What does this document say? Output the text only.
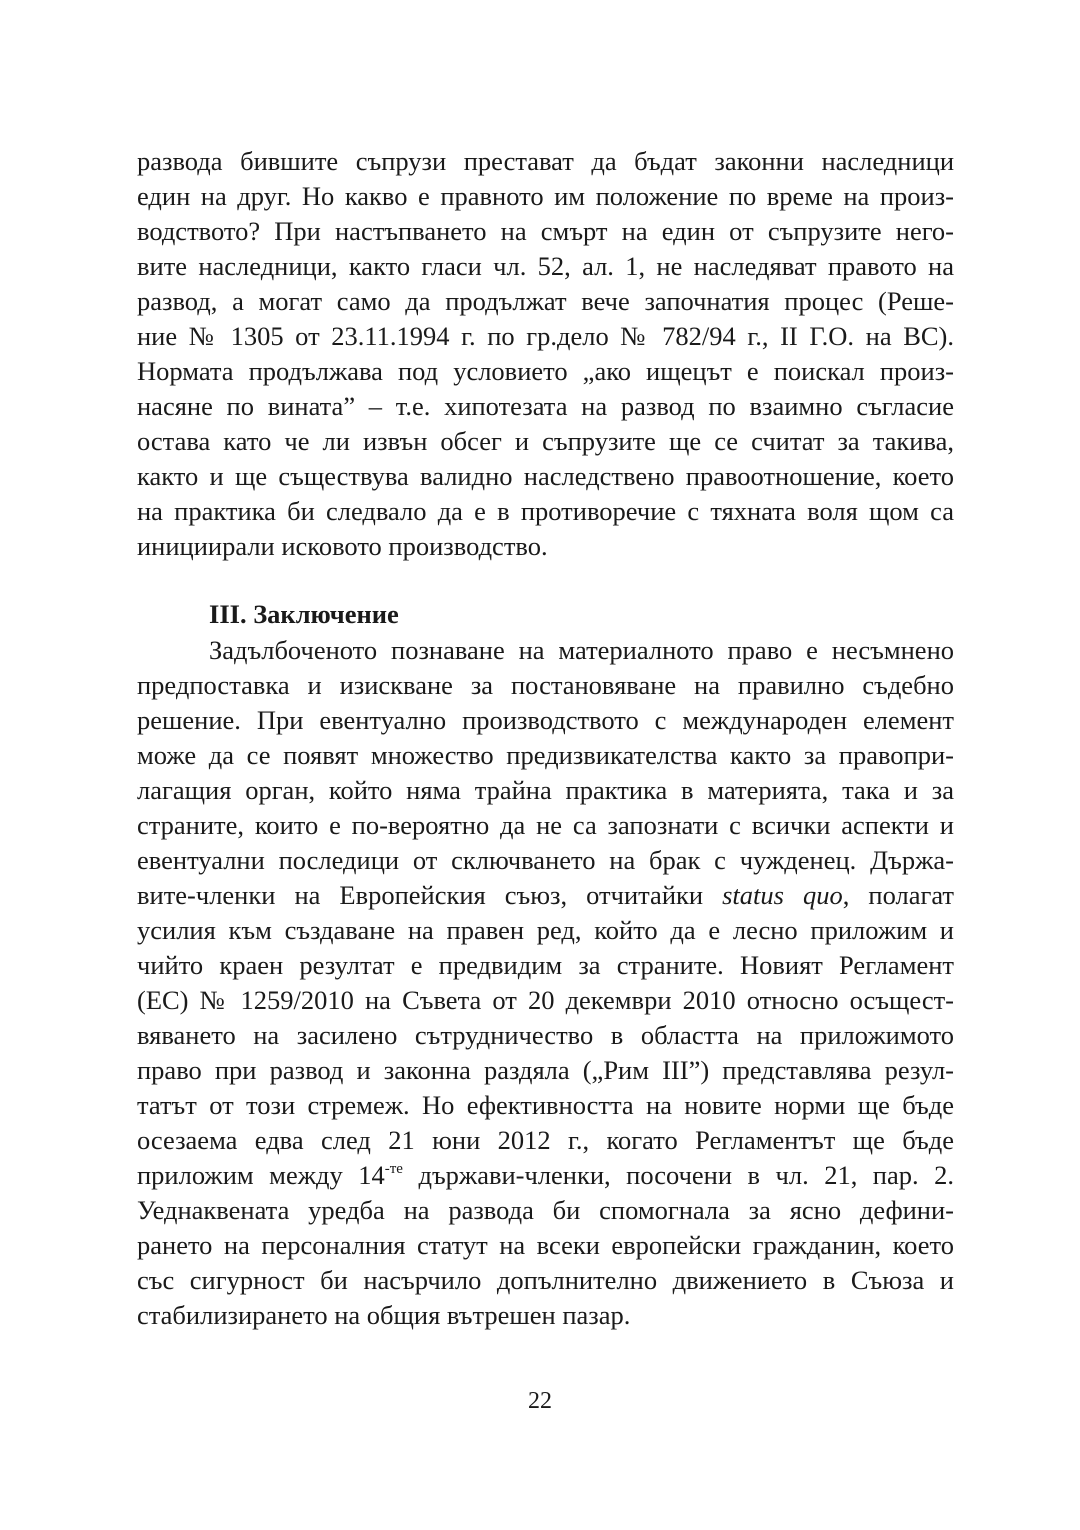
развода бившите съпрузи престават да бъдат законни наследници
един на друг. Но какво е правното им положение по време на произ-
водството? При настъпването на смърт на един от съпрузите него-
вите наследници, както гласи чл. 52, ал. 1, не наследяват правото на
развод, а могат само да продължат вече започнатия процес (Реше-
ние № 1305 от 23.11.1994 г. по гр.дело № 782/94 г., II Г.О. на ВС).
Нормата продължава под условието „ако ищецът е поискал произ-
насяне по вината” – т.е. хипотезата на развод по взаимно съгласие
остава като че ли извън обсег и съпрузите ще се считат за такива,
както и ще съществува валидно наследствено правоотношение, което
на практика би следвало да е в противоречие с тяхната воля щом са
инициирали исковото производство.
III. Заключение
Задълбоченото познаване на материалното право е несъмнено
предпоставка и изискване за постановяване на правилно съдебно
решение. При евентуално производството с международен елемент
може да се появят множество предизвикателства както за правопри-
лагащия орган, който няма трайна практика в материята, така и за
страните, които е по-вероятно да не са запознати с всички аспекти и
евентуални последици от сключването на брак с чужденец. Държа-
вите-членки на Европейския съюз, отчитайки status quo, полагат
усилия към създаване на правен ред, който да е лесно приложим и
чийто краен резултат е предвидим за страните. Новият Регламент
(ЕС) № 1259/2010 на Съвета от 20 декември 2010 относно осъщест-
вяването на засилено сътрудничество в областта на приложимото
право при развод и законна раздяла („Рим III”) представлява резул-
татът от този стремеж. Но ефективността на новите норми ще бъде
осезаема едва след 21 юни 2012 г., когато Регламентът ще бъде
приложим между $14^{-те}$ държави-членки, посочени в чл. 21, пар. 2.
Уеднаквената уредба на развода би спомогнала за ясно дефини-
рането на персоналния статут на всеки европейски гражданин, което
със сигурност би насърчило допълнително движението в Съюза и
стабилизирането на общия вътрешен пазар.
22
